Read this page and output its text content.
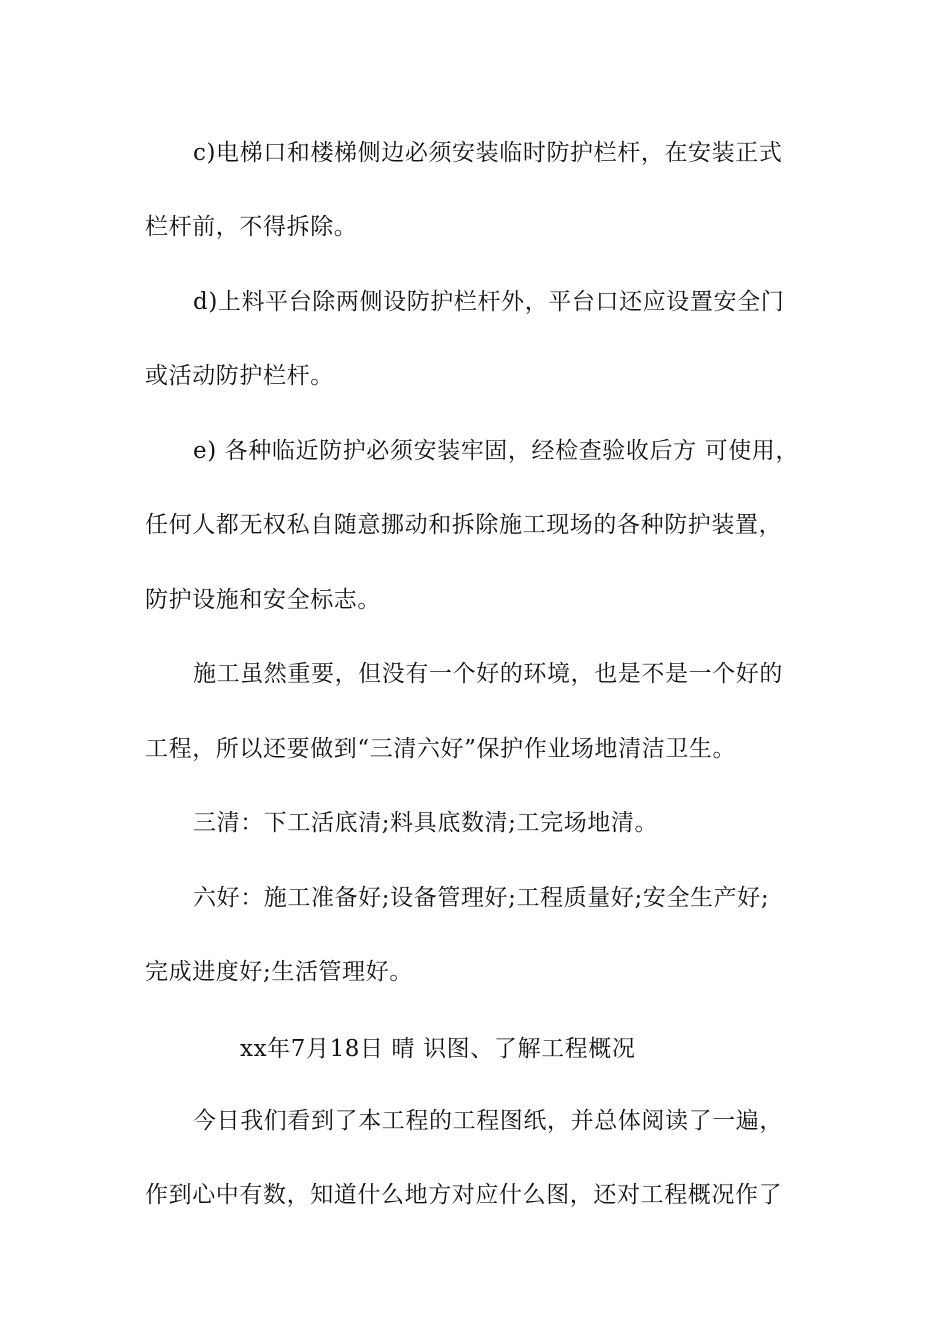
c)电梯口和楼梯侧边必须安装临时防护栏杆，在安装正式
栏杆前，不得拆除。
d)上料平台除两侧设防护栏杆外，平台口还应设置安全门
或活动防护栏杆。
e) 各种临近防护必须安装牢固，经检查验收后方 可使用，
任何人都无权私自随意挪动和拆除施工现场的各种防护装置，
防护设施和安全标志。
施工虽然重要，但没有一个好的环境，也是不是一个好的
工程，所以还要做到“三清六好”保护作业场地清洁卫生。
三清：下工活底清;料具底数清;工完场地清。
六好：施工准备好;设备管理好;工程质量好;安全生产好;
完成进度好;生活管理好。
xx年7月18日 晴 识图、了解工程概况
今日我们看到了本工程的工程图纸，并总体阅读了一遍，
作到心中有数，知道什么地方对应什么图，还对工程概况作了
